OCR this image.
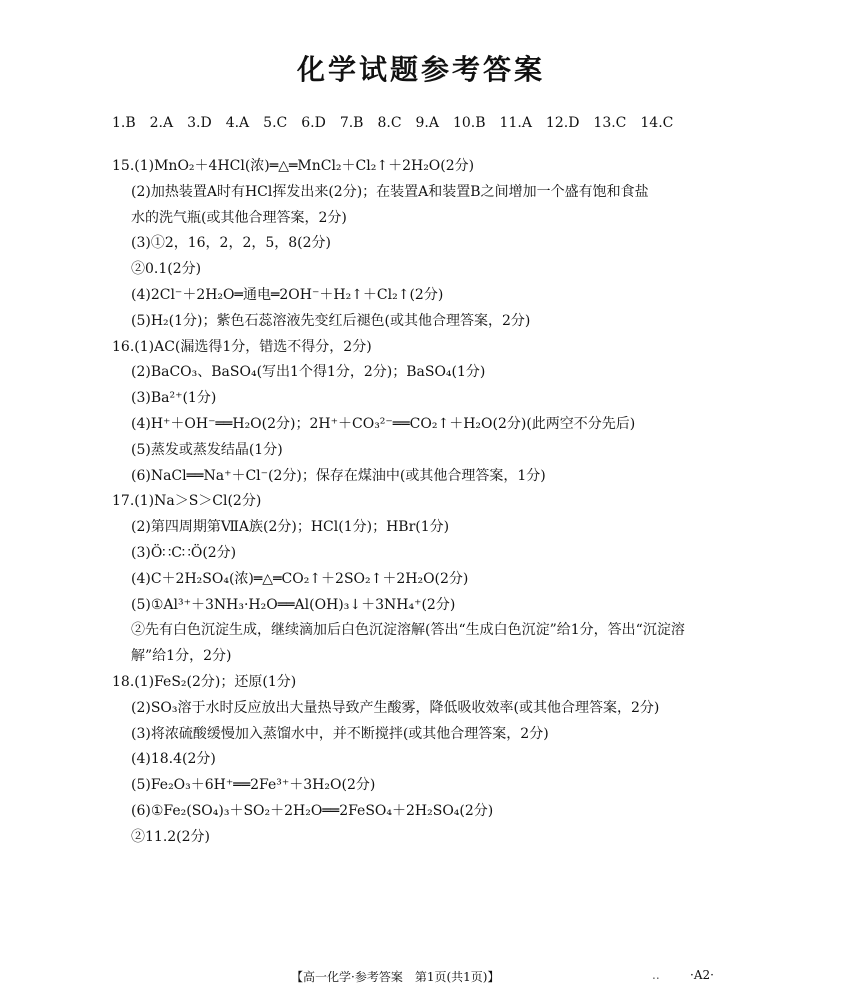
化学试题参考答案
1.B　2.A　3.D　4.A　5.C　6.D　7.B　8.C　9.A　10.B　11.A　12.D　13.C　14.C
15.(1)MnO₂＋4HCl(浓)═△═MnCl₂＋Cl₂↑＋2H₂O(2分)
(2)加热装置A时有HCl挥发出来(2分)；在装置A和装置B之间增加一个盛有饱和食盐
水的洗气瓶(或其他合理答案，2分)
(3)①2，16，2，2，5，8(2分)
②0.1(2分)
(4)2Cl⁻＋2H₂O═通电═2OH⁻＋H₂↑＋Cl₂↑(2分)
(5)H₂(1分)；紫色石蕊溶液先变红后褪色(或其他合理答案，2分)
16.(1)AC(漏选得1分，错选不得分，2分)
(2)BaCO₃、BaSO₄(写出1个得1分，2分)；BaSO₄(1分)
(3)Ba²⁺(1分)
(4)H⁺＋OH⁻══H₂O(2分)；2H⁺＋CO₃²⁻══CO₂↑＋H₂O(2分)(此两空不分先后)
(5)蒸发或蒸发结晶(1分)
(6)NaCl══Na⁺＋Cl⁻(2分)；保存在煤油中(或其他合理答案，1分)
17.(1)Na＞S＞Cl(2分)
(2)第四周期第ⅦA族(2分)；HCl(1分)；HBr(1分)
(3)Ö∷C∷Ö(2分)
(4)C＋2H₂SO₄(浓)═△═CO₂↑＋2SO₂↑＋2H₂O(2分)
(5)①Al³⁺＋3NH₃·H₂O══Al(OH)₃↓＋3NH₄⁺(2分)
②先有白色沉淀生成，继续滴加后白色沉淀溶解(答出“生成白色沉淀”给1分，答出“沉淀溶
解”给1分，2分)
18.(1)FeS₂(2分)；还原(1分)
(2)SO₃溶于水时反应放出大量热导致产生酸雾，降低吸收效率(或其他合理答案，2分)
(3)将浓硫酸缓慢加入蒸馏水中，并不断搅拌(或其他合理答案，2分)
(4)18.4(2分)
(5)Fe₂O₃＋6H⁺══2Fe³⁺＋3H₂O(2分)
(6)①Fe₂(SO₄)₃＋SO₂＋2H₂O══2FeSO₄＋2H₂SO₄(2分)
②11.2(2分)
【高一化学·参考答案　第1页(共1页)】	..	·A2·
